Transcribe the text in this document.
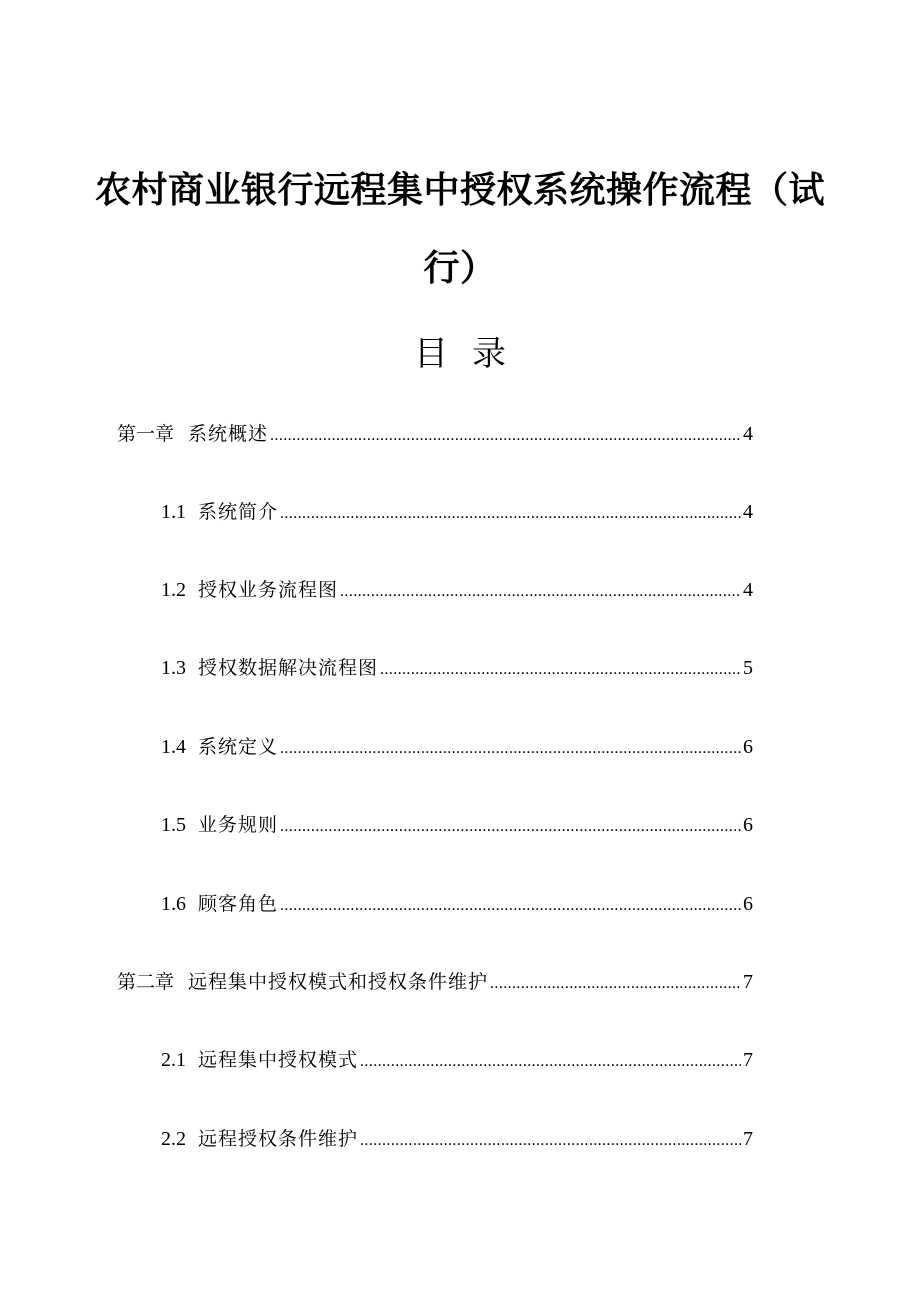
农村商业银行远程集中授权系统操作流程（试行）
目录
第一章 系统概述 .....	4
1.1 系统简介 .....	4
1.2 授权业务流程图 .....	4
1.3 授权数据解决流程图 .....	5
1.4 系统定义 .....	6
1.5 业务规则 .....	6
1.6 顾客角色 .....	6
第二章 远程集中授权模式和授权条件维护 .....	7
2.1 远程集中授权模式 .....	7
2.2 远程授权条件维护 .....	7
